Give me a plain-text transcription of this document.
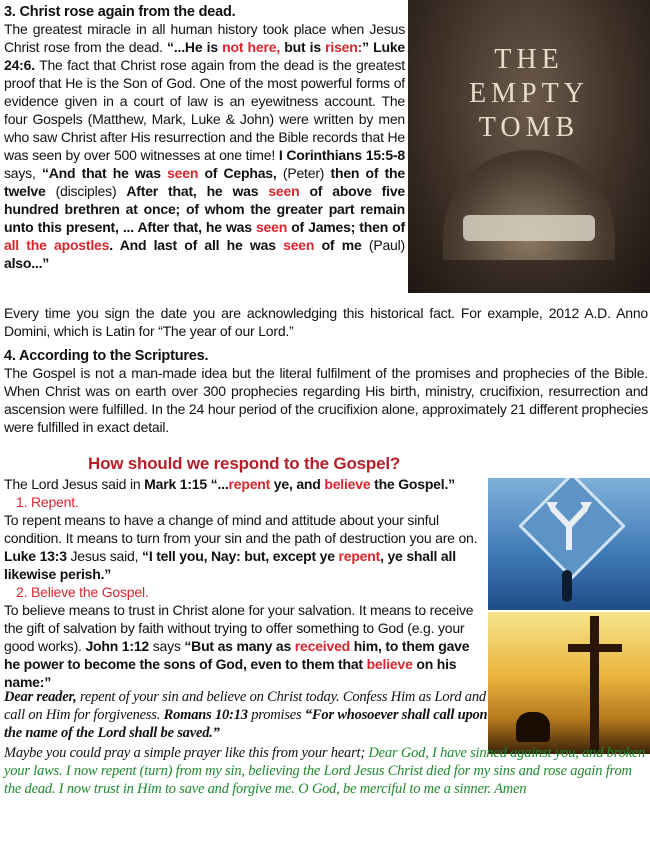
3. Christ rose again from the dead.
The greatest miracle in all human history took place when Jesus Christ rose from the dead. “...He is not here, but is risen:” Luke 24:6. The fact that Christ rose again from the dead is the greatest proof that He is the Son of God. One of the most powerful forms of evidence given in a court of law is an eyewitness account. The four Gospels (Matthew, Mark, Luke & John) were written by men who saw Christ after His resurrection and the Bible records that He was seen by over 500 witnesses at one time! I Corinthians 15:5-8 says, “And that he was seen of Cephas, (Peter) then of the twelve (disciples) After that, he was seen of above five hundred brethren at once; of whom the greater part remain unto this present, ... After that, he was seen of James; then of all the apostles. And last of all he was seen of me (Paul) also...”
Every time you sign the date you are acknowledging this historical fact. For example, 2012 A.D. Anno Domini, which is Latin for “The year of our Lord.”
THE
EMPTY
TOMB
4. According to the Scriptures.
The Gospel is not a man-made idea but the literal fulfilment of the promises and prophecies of the Bible. When Christ was on earth over 300 prophecies regarding His birth, ministry, crucifixion, resurrection and ascension were fulfilled. In the 24 hour period of the crucifixion alone, approximately 21 different prophecies were fulfilled in exact detail.
How should we respond to the Gospel?
The Lord Jesus said in Mark 1:15 “...repent ye, and believe the Gospel.”
1. Repent.
To repent means to have a change of mind and attitude about your sinful condition. It means to turn from your sin and the path of destruction you are on. Luke 13:3 Jesus said, “I tell you, Nay: but, except ye repent, ye shall all likewise perish.”
2. Believe the Gospel.
To believe means to trust in Christ alone for your salvation. It means to receive the gift of salvation by faith without trying to offer something to God (e.g. your good works). John 1:12 says “But as many as received him, to them gave he power to become the sons of God, even to them that believe on his name:”
Dear reader, repent of your sin and believe on Christ today. Confess Him as Lord and call on Him for forgiveness. Romans 10:13 promises “For whosoever shall call upon the name of the Lord shall be saved.”
Maybe you could pray a simple prayer like this from your heart; Dear God, I have sinned against you, and broken your laws. I now repent (turn) from my sin, believing the Lord Jesus Christ died for my sins and rose again from the dead. I now trust in Him to save and forgive me. O God, be merciful to me a sinner. Amen
